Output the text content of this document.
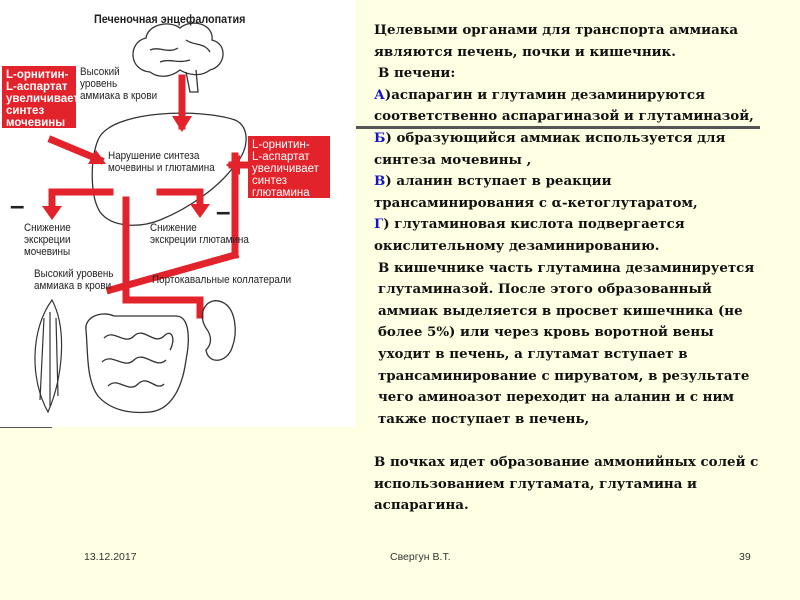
Печеночная энцефалопатия
Высокий
уровень
аммиака в крови
L-орнитин-
L-аспартат
увеличивает
синтез мочевины
L-орнитин-
L-аспартат
увеличивает
синтез глютамина
Нарушение синтеза
мочевины и глютамина
–	–
Снижение
экскреции
мочевины
Снижение
экскреции глютамина
Высокий уровень
аммиака в крови	Портокавальные коллатерали

Целевыми органами для транспорта аммиака являются печень, почки и кишечник.

В печени:

А)аспарагин и глутамин дезаминируются соответственно аспарагиназой и глутаминазой, Б) образующийся аммиак используется для синтеза мочевины ,

В) аланин вступает в реакции трансаминирования с α-кетоглутаратом,

Г) глутаминовая кислота подвергается окислительному дезаминированию.

В кишечнике часть глутамина дезаминируется глутаминазой. После этого образованный аммиак выделяется в просвет кишечника (не более 5%) или через кровь воротной вены уходит в печень, а глутамат вступает в трансаминирование с пируватом, в результате чего аминоазот переходит на аланин и с ним также поступает в печень,

В почках идет образование аммонийных солей с использованием глутамата, глутамина и аспарагина.

13.12.2017	Свергун В.Т.	39
